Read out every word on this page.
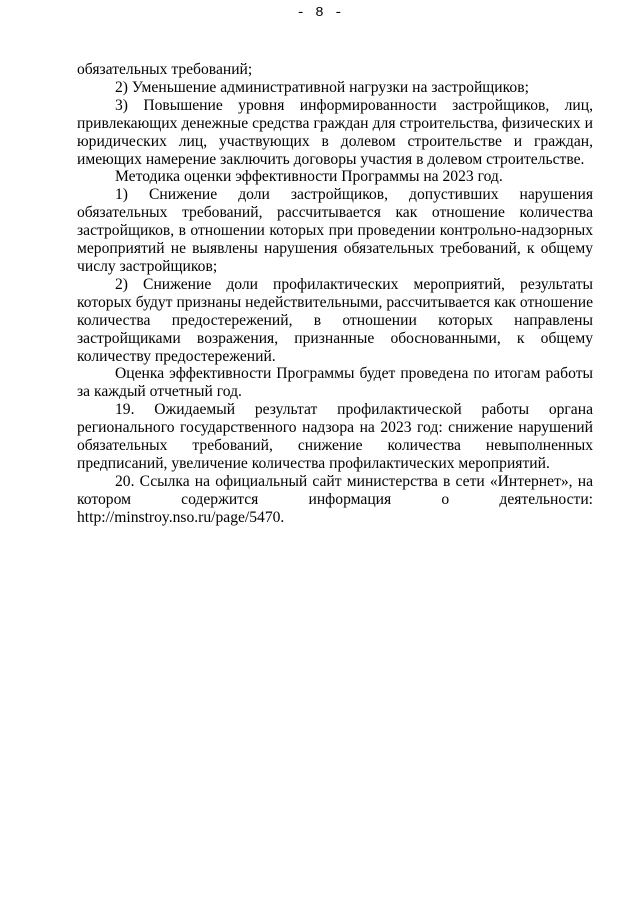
- 8 -

обязательных требований;

2) Уменьшение административной нагрузки на застройщиков;

3) Повышение уровня информированности застройщиков, лиц, привлекающих денежные средства граждан для строительства, физических и юридических лиц, участвующих в долевом строительстве и граждан, имеющих намерение заключить договоры участия в долевом строительстве.

Методика оценки эффективности Программы на 2023 год.

1) Снижение доли застройщиков, допустивших нарушения обязательных требований, рассчитывается как отношение количества застройщиков, в отношении которых при проведении контрольно-надзорных мероприятий не выявлены нарушения обязательных требований, к общему числу застройщиков;

2) Снижение доли профилактических мероприятий, результаты которых будут признаны недействительными, рассчитывается как отношение количества предостережений, в отношении которых направлены застройщиками возражения, признанные обоснованными, к общему количеству предостережений.

Оценка эффективности Программы будет проведена по итогам работы за каждый отчетный год.

19. Ожидаемый результат профилактической работы органа регионального государственного надзора на 2023 год: снижение нарушений обязательных требований, снижение количества невыполненных предписаний, увеличение количества профилактических мероприятий.

20. Ссылка на официальный сайт министерства в сети «Интернет», на котором содержится информация о деятельности: http://minstroy.nso.ru/page/5470.
